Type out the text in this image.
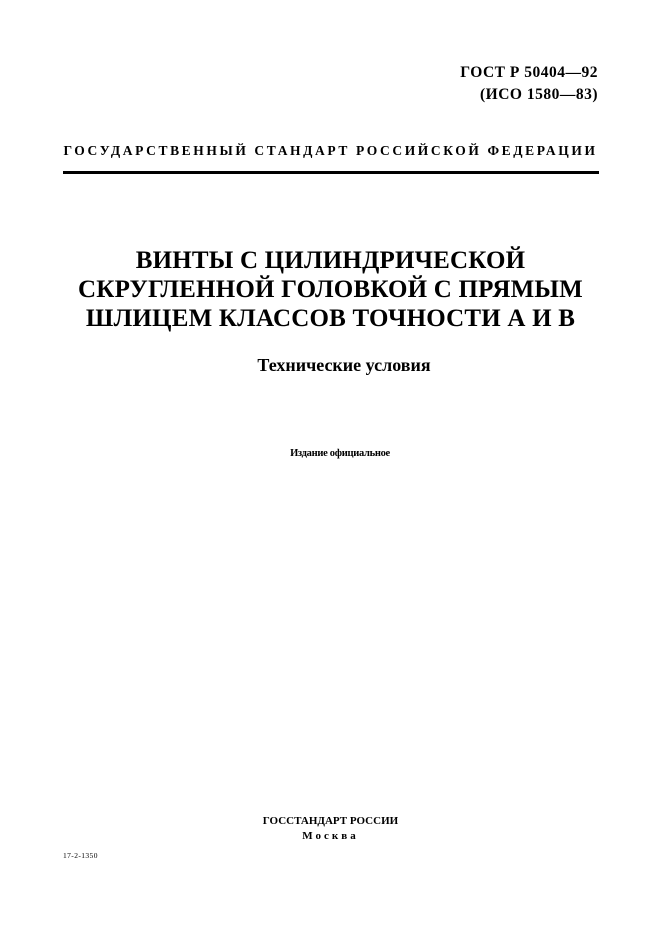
ГОСТ Р 50404—92
(ИСО 1580—83)
ГОСУДАРСТВЕННЫЙ СТАНДАРТ РОССИЙСКОЙ ФЕДЕРАЦИИ
ВИНТЫ С ЦИЛИНДРИЧЕСКОЙ
СКРУГЛЕННОЙ ГОЛОВКОЙ С ПРЯМЫМ
ШЛИЦЕМ КЛАССОВ ТОЧНОСТИ А И В
Технические условия
Издание официальное
ГОССТАНДАРТ РОССИИ
Москва
17-2-1350
